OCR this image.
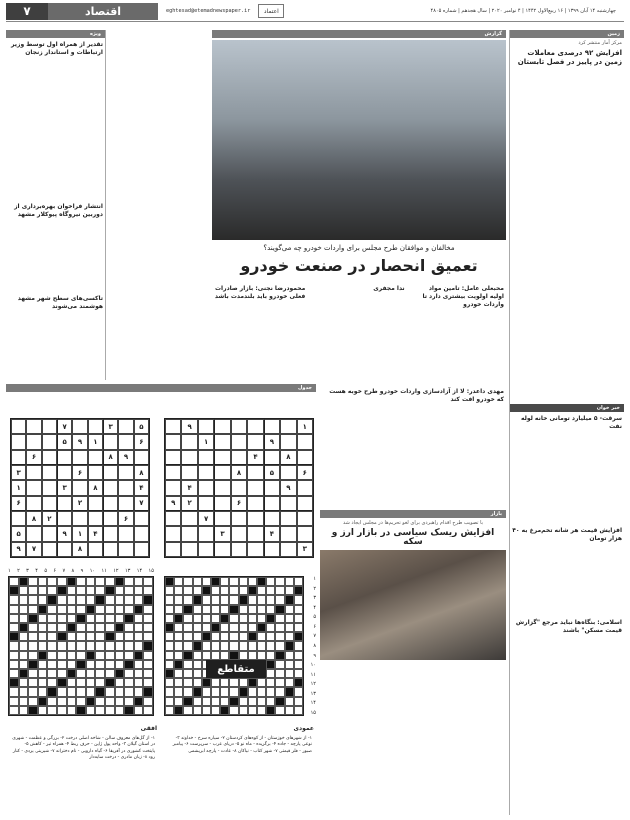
۷	اقتصاد	eghtesad@etemadnewspaper.ir	چهارشنبه ۱۴ آبان ۱۳۹۹ | ۱۶ ربیع‌الاول ۱۴۴۲ | ۴ نوامبر ۲۰۲۰ | سال هجدهم | شماره ۴۸۰۵
اعتماد
زمین
مركز آمار منتشر كرد
افزایش ۹۲ درصدی معاملات زمین در پاییز در فصل تابستان
خبر خوان
سرقت- ۵ میلیارد تومانی خانه لوله نفت
افزایش قیمت هر شانه تخم‌مرغ به ۴۰ هزار تومان
اسلامی: بنگاه‌ها نباید مرجع "گزارش قیمت مسکن" باشند
ویژه
تقدیر از همراه اول توسط وزیر ارتباطات و استاندار زنجان
انتشار فراخوان بهره‌برداری از دوربین نیروگاه پیوکلار مشهد
تاکسی‌های سطح شهر مشهد هوشمند می‌شوند
گزارش
مخالفان و موافقان طرح مجلس برای واردات خودرو چه می‌گویند؟
تعمیق انحصار در صنعت خودرو
محبعلی عامل: تامین مواد اولیه اولویت بیشتری دارد تا واردات خودرو
ندا مجفری
محمودرضا نجنی: بازار صادرات فعلی خودرو باید بلندمدت باشد
مهدی داعدر: لا از آزادسازی واردات خودرو طرح خوبه هست كه خودرو افت كند
بازار
با تصویب طرح اقدام راهبردی برای لغو تحریم‌ها در مجلس ایجاد شد
افزایش ریسک سیاسی در بازار ارز و سکه
جدول
۵
۳
۷
۶
۱
۹
۵
۹
۸
۶
۸
۶
۳
۴
۸
۳
۱
۷
۲
۶
۶
۲
۸
۴
۱
۹
۵
۸
۷
۹
۱
۹
۹
۱
۸
۴
۶
۵
۸
۹
۴
۶
۲
۹
۷
۴
۳
۳
۱ ۲ ۳ ۴ ۵ ۶ ۷ ۸ ۹ ۱۰ ۱۱ ۱۲ ۱۳ ۱۴ ۱۵
متقاطع
۱
۲
۳
۴
۵
۶
۷
۸
۹
۱۰
۱۱
۱۲
۱۳
۱۴
۱۵
عمودی
۱- از شهرهای خوزستان - از كوه‌های كردستان ۲- سیاره سرخ - خداوند ۳- نوعی پارچه - جاده ۴- برگزیده - ماه نو ۵- دریای عرب - سرپرست ۶- پیامبر صبور - فلز قیمتی ۷- شهر كتاب - نیاكان ۸- عادت - پارچه ابریشمی
افقی
۱- از گل‌های معروف سالن - شاخه اصلی درخت ۲- بزرگی و عظمت - شهری در استان گیلان ۳- واحد پول ژاپن - حرف ربط ۴- همراه تیر - كاهش ۵- پایتخت كشوری در آفریقا ۶- گیاه دارویی - نام دخترانه ۷- شیرینی یزدی - كنار رود ۸- زبان مادری - درخت سایه‌دار
